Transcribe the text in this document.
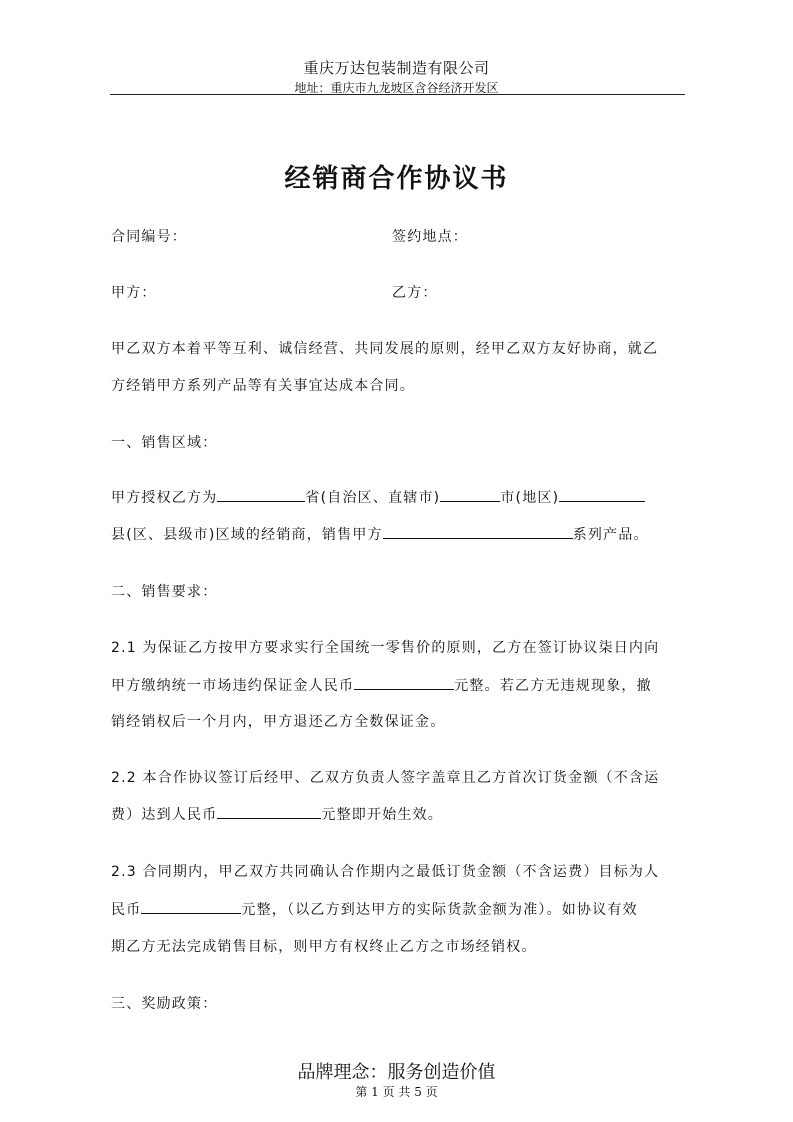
重庆万达包装制造有限公司
地址：重庆市九龙坡区含谷经济开发区
经销商合作协议书
合同编号：	签约地点：
甲方：	乙方：
甲乙双方本着平等互利、诚信经营、共同发展的原则，经甲乙双方友好协商，就乙
方经销甲方系列产品等有关事宜达成本合同。
一、销售区域：
甲方授权乙方为	省(自治区、直辖市)	市(地区)
县(区、县级市)区域的经销商，销售甲方	系列产品。
二、销售要求：
2.1 为保证乙方按甲方要求实行全国统一零售价的原则，乙方在签订协议柒日内向
甲方缴纳统一市场违约保证金人民币	元整。若乙方无违规现象，撤
销经销权后一个月内，甲方退还乙方全数保证金。
2.2 本合作协议签订后经甲、乙双方负责人签字盖章且乙方首次订货金额（不含运
费）达到人民币	元整即开始生效。
2.3 合同期内，甲乙双方共同确认合作期内之最低订货金额（不含运费）目标为人
民币	元整，（以乙方到达甲方的实际货款金额为准）。如协议有效
期乙方无法完成销售目标，则甲方有权终止乙方之市场经销权。
三、奖励政策：
品牌理念：服务创造价值
第 1 页 共 5 页
